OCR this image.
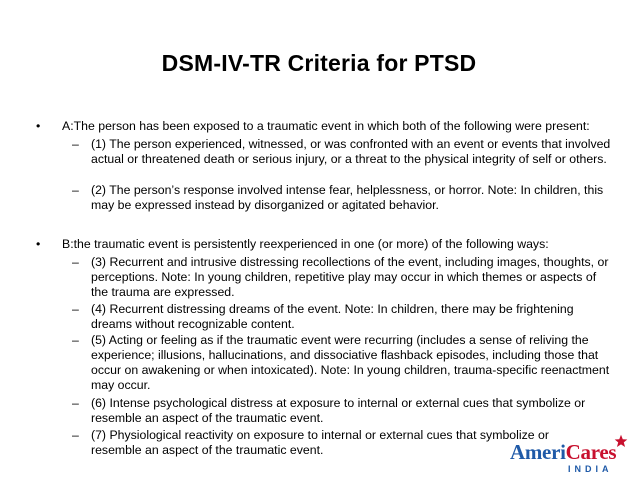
DSM-IV-TR Criteria for PTSD
•	A:The person has been exposed to a traumatic event in which both of the following were present:
– (1) The person experienced, witnessed, or was confronted with an event or events that involved actual or threatened death or serious injury, or a threat to the physical integrity of self or others.
– (2) The person’s response involved intense fear, helplessness, or horror. Note: In children, this may be expressed instead by disorganized or agitated behavior.
•	B:the traumatic event is persistently reexperienced in one (or more) of the following ways:
– (3) Recurrent and intrusive distressing recollections of the event, including images, thoughts, or perceptions. Note: In young children, repetitive play may occur in which themes or aspects of the trauma are expressed.
– (4) Recurrent distressing dreams of the event. Note: In children, there may be frightening dreams without recognizable content.
– (5) Acting or feeling as if the traumatic event were recurring (includes a sense of reliving the experience; illusions, hallucinations, and dissociative flashback episodes, including those that occur on awakening or when intoxicated). Note: In young children, trauma-specific reenactment may occur.
– (6) Intense psychological distress at exposure to internal or external cues that symbolize or resemble an aspect of the traumatic event.
– (7) Physiological reactivity on exposure to internal or external cues that symbolize or resemble an aspect of the traumatic event.	AmeriCares
INDIA
